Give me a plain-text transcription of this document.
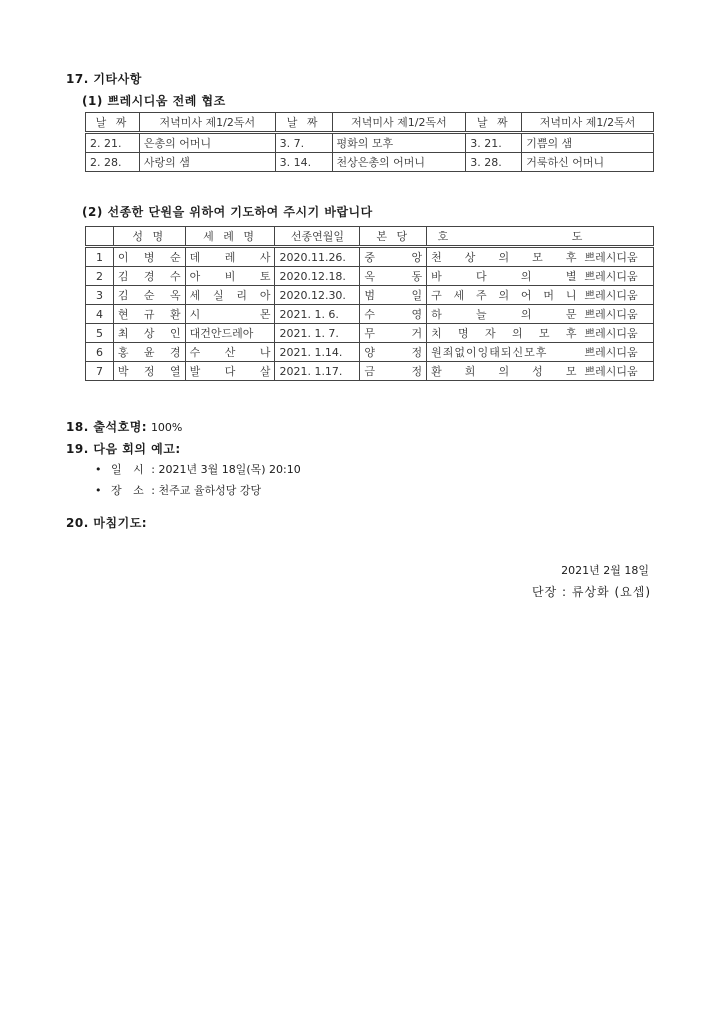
17. 기타사항
(1) 쁘레시디움 전례 협조
날 짜	저녁미사 제1/2독서	날 짜	저녁미사 제1/2독서	날 짜	저녁미사 제1/2독서
2. 21.	은총의 어머니	3. 7.	평화의 모후	3. 21.	기쁨의 샘
2. 28.	사랑의 샘	3. 14.	천상은총의 어머니	3. 28.	거룩하신 어머니
(2) 선종한 단원을 위하여 기도하여 주시기 바랍니다
	성 명	세 례 명	선종연월일	본 당	호 도	
1	이 병 순	데 레 사	2020.11.26.	중 앙	천 상 의 모 후	쁘레시디움
2	김 경 수	아 비 토	2020.12.18.	옥 동	바 다 의 별	쁘레시디움
3	김 순 옥	세 실 리 아	2020.12.30.	범 일	구 세 주 의 어 머 니	쁘레시디움
4	현 규 환	시 몬	2021. 1. 6.	수 영	하 늘 의 문	쁘레시디움
5	최 상 인	대건안드레아	2021. 1. 7.	무 거	치 명 자 의 모 후	쁘레시디움
6	홍 윤 경	수 산 나	2021. 1.14.	양 정	원죄없이잉태되신모후	쁘레시디움
7	박 정 열	발 다 살	2021. 1.17.	금 정	환 희 의 성 모	쁘레시디움
18. 출석호명: 100%
19. 다음 회의 예고:
• 일 시 : 2021년 3월 18일(목) 20:10
• 장 소 : 천주교 율하성당 강당
20. 마침기도:
2021년 2월 18일
단장 : 류상화 (요셉)
